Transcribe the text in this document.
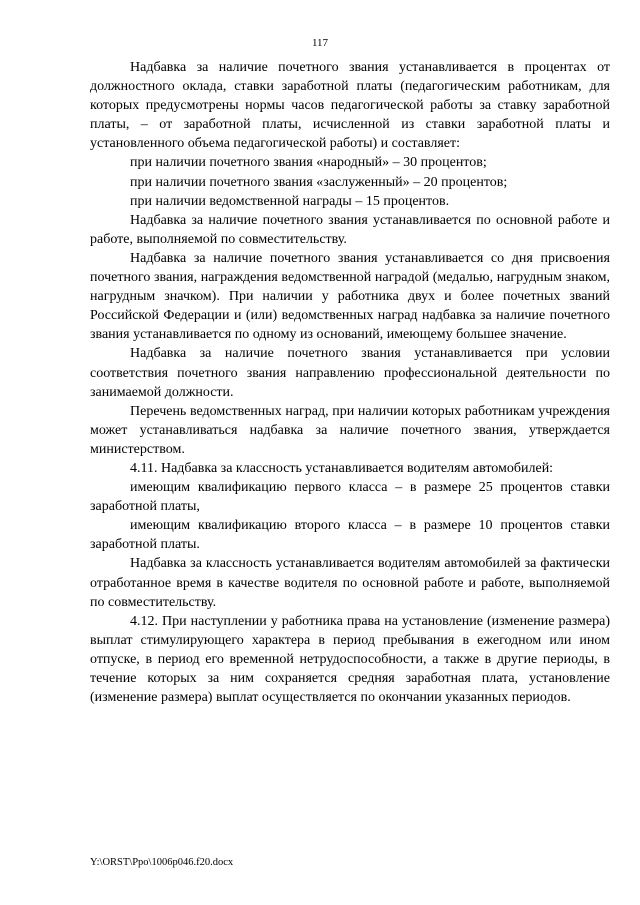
117

Надбавка за наличие почетного звания устанавливается в процентах от должностного оклада, ставки заработной платы (педагогическим работникам, для которых предусмотрены нормы часов педагогической работы за ставку заработной платы, – от заработной платы, исчисленной из ставки заработной платы и установленного объема педагогической работы) и составляет:

при наличии почетного звания «народный» – 30 процентов;

при наличии почетного звания «заслуженный» – 20 процентов;

при наличии ведомственной награды – 15 процентов.

Надбавка за наличие почетного звания устанавливается по основной работе и работе, выполняемой по совместительству.

Надбавка за наличие почетного звания устанавливается со дня присвоения почетного звания, награждения ведомственной наградой (медалью, нагрудным знаком, нагрудным значком). При наличии у работника двух и более почетных званий Российской Федерации и (или) ведомственных наград надбавка за наличие почетного звания устанавливается по одному из оснований, имеющему большее значение.

Надбавка за наличие почетного звания устанавливается при условии соответствия почетного звания направлению профессиональной деятельности по занимаемой должности.

Перечень ведомственных наград, при наличии которых работникам учреждения может устанавливаться надбавка за наличие почетного звания, утверждается министерством.

4.11. Надбавка за классность устанавливается водителям автомобилей:

имеющим квалификацию первого класса – в размере 25 процентов ставки заработной платы,

имеющим квалификацию второго класса – в размере 10 процентов ставки заработной платы.

Надбавка за классность устанавливается водителям автомобилей за фактически отработанное время в качестве водителя по основной работе и работе, выполняемой по совместительству.

4.12. При наступлении у работника права на установление (изменение размера) выплат стимулирующего характера в период пребывания в ежегодном или ином отпуске, в период его временной нетрудоспособности, а также в другие периоды, в течение которых за ним сохраняется средняя заработная плата, установление (изменение размера) выплат осуществляется по окончании указанных периодов.

Y:\ORST\Ppo\1006p046.f20.docx
